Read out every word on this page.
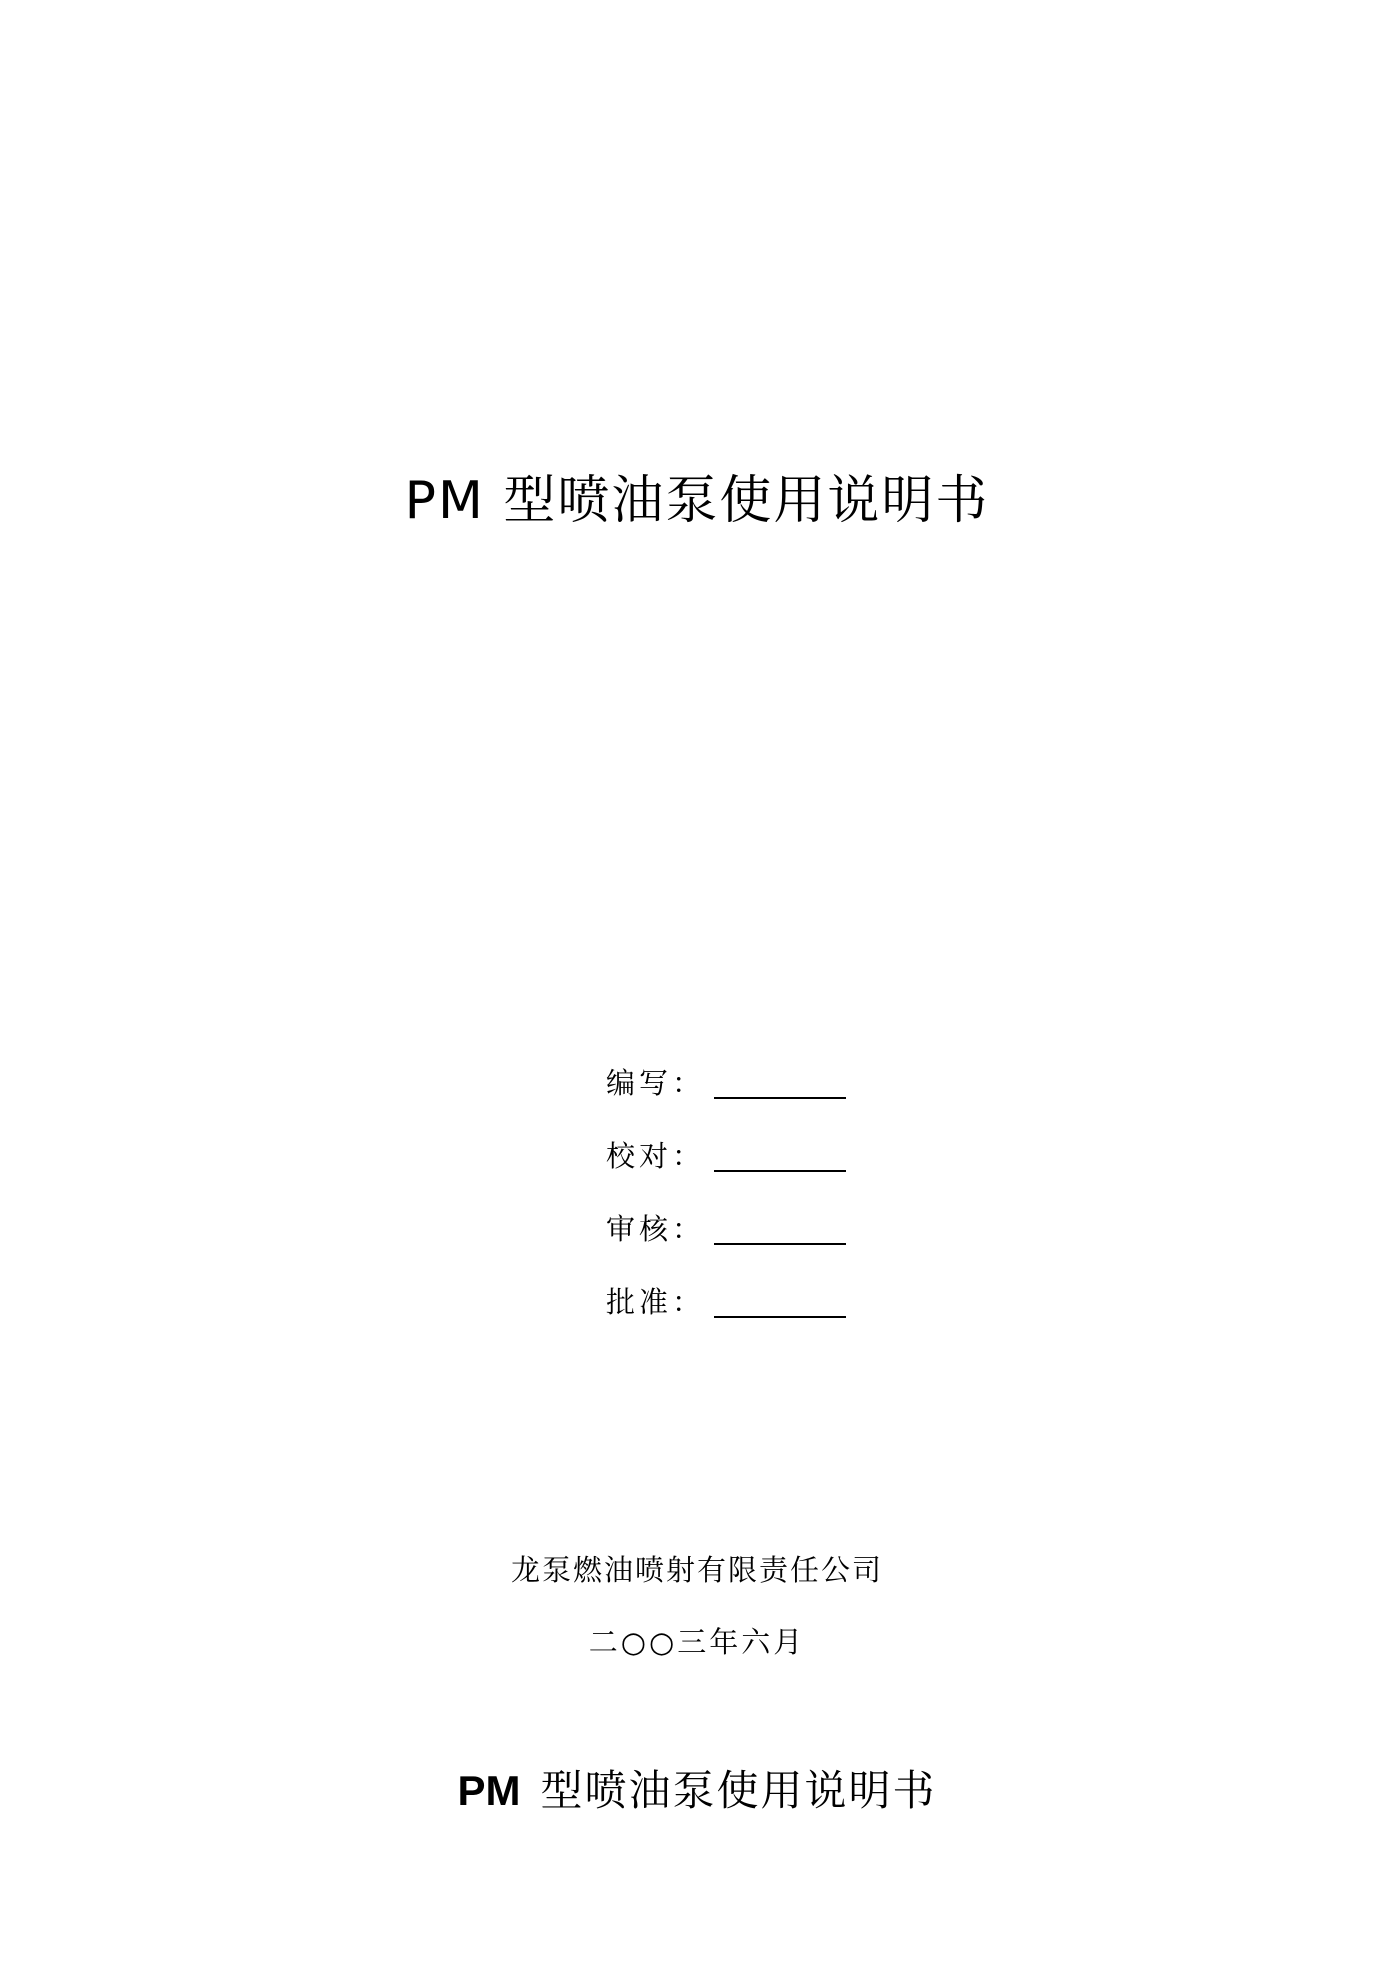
PM 型喷油泵使用说明书
编写：
校对：
审核：
批准：
龙泵燃油喷射有限责任公司
二○○三年六月
PM 型喷油泵使用说明书
